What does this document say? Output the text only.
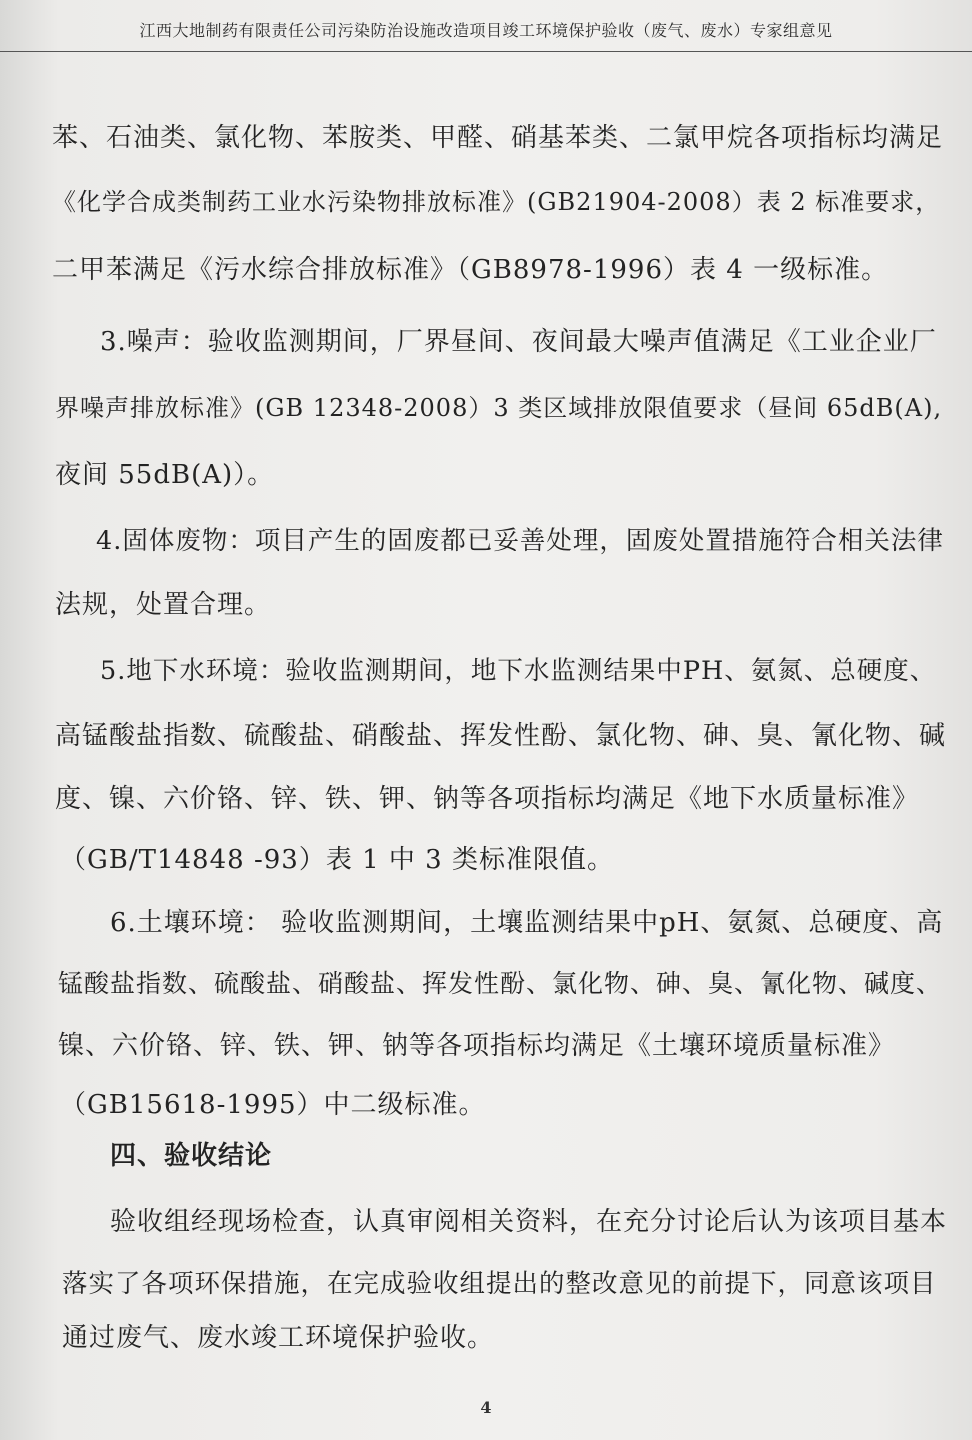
江西大地制药有限责任公司污染防治设施改造项目竣工环境保护验收（废气、废水）专家组意见
苯、石油类、氯化物、苯胺类、甲醛、硝基苯类、二氯甲烷各项指标均满足
《化学合成类制药工业水污染物排放标准》(GB21904-2008）表 2 标准要求，
二甲苯满足《污水综合排放标准》（GB8978-1996）表 4 一级标准。
3.噪声：验收监测期间，厂界昼间、夜间最大噪声值满足《工业企业厂
界噪声排放标准》(GB 12348-2008）3 类区域排放限值要求（昼间 65dB(A),
夜间 55dB(A)）。
4.固体废物：项目产生的固废都已妥善处理，固废处置措施符合相关法律
法规，处置合理。
5.地下水环境：验收监测期间，地下水监测结果中PH、氨氮、总硬度、
高锰酸盐指数、硫酸盐、硝酸盐、挥发性酚、氯化物、砷、臭、氰化物、碱
度、镍、六价铬、锌、铁、钾、钠等各项指标均满足《地下水质量标准》
（GB/T14848 -93）表 1 中 3 类标准限值。
6.土壤环境： 验收监测期间，土壤监测结果中pH、氨氮、总硬度、高
锰酸盐指数、硫酸盐、硝酸盐、挥发性酚、氯化物、砷、臭、氰化物、碱度、
镍、六价铬、锌、铁、钾、钠等各项指标均满足《土壤环境质量标准》
（GB15618-1995）中二级标准。
四、验收结论
验收组经现场检查，认真审阅相关资料，在充分讨论后认为该项目基本
落实了各项环保措施，在完成验收组提出的整改意见的前提下，同意该项目
通过废气、废水竣工环境保护验收。
4
